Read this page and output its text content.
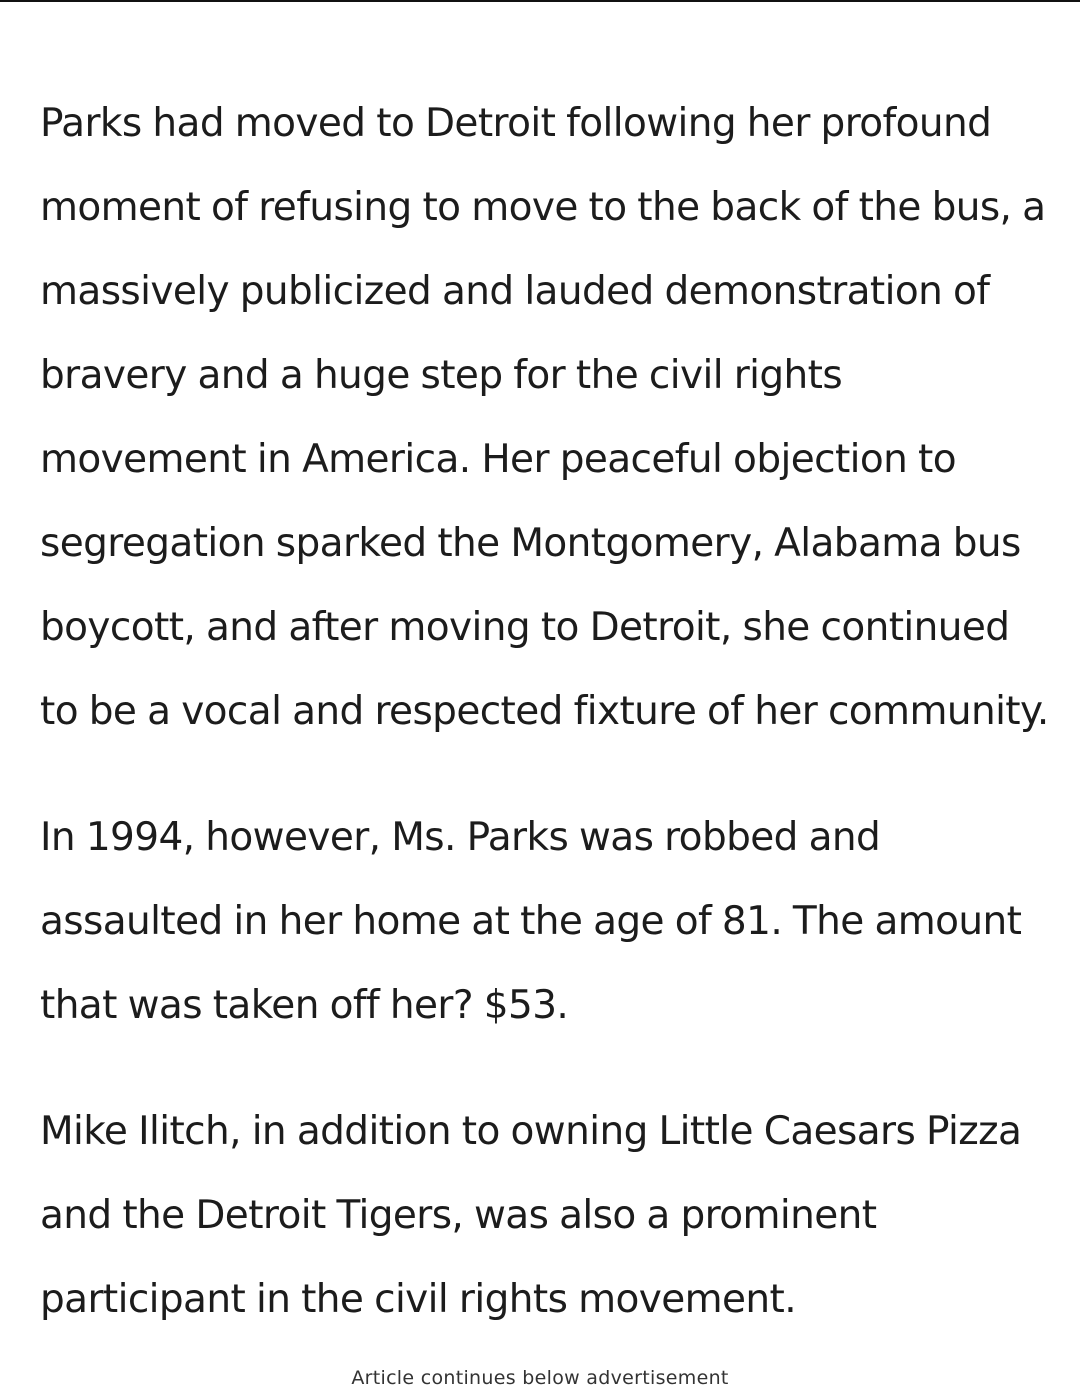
Parks had moved to Detroit following her profound moment of refusing to move to the back of the bus, a massively publicized and lauded demonstration of bravery and a huge step for the civil rights movement in America. Her peaceful objection to segregation sparked the Montgomery, Alabama bus boycott, and after moving to Detroit, she continued to be a vocal and respected fixture of her community.

In 1994, however, Ms. Parks was robbed and assaulted in her home at the age of 81. The amount that was taken off her? $53.

Mike Ilitch, in addition to owning Little Caesars Pizza and the Detroit Tigers, was also a prominent participant in the civil rights movement.

Article continues below advertisement
